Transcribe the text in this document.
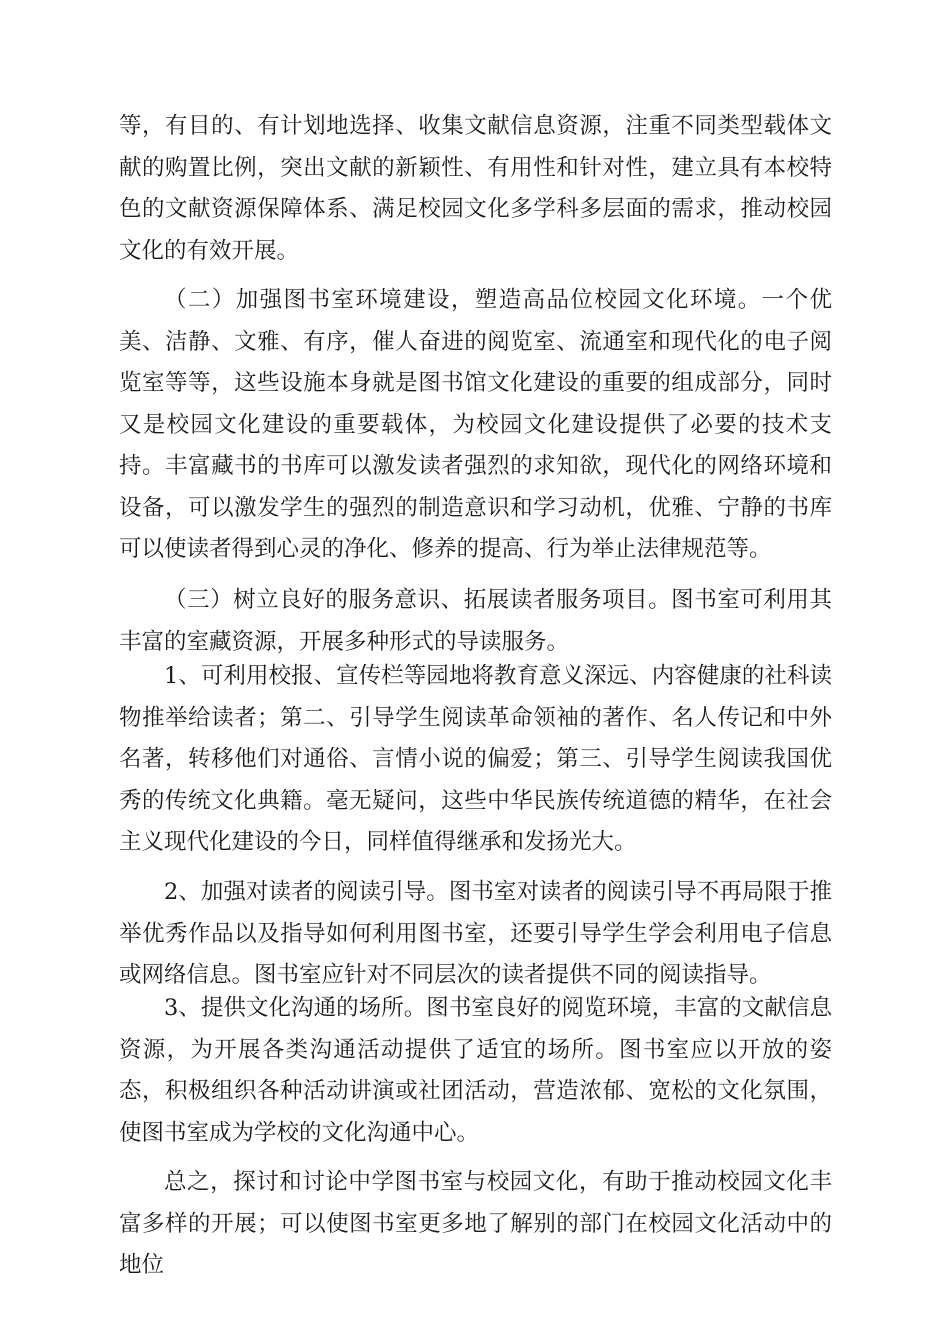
等，有目的、有计划地选择、收集文献信息资源，注重不同类型载体文献的购置比例，突出文献的新颖性、有用性和针对性，建立具有本校特色的文献资源保障体系、满足校园文化多学科多层面的需求，推动校园文化的有效开展。

（二）加强图书室环境建设，塑造高品位校园文化环境。一个优美、洁静、文雅、有序，催人奋进的阅览室、流通室和现代化的电子阅览室等等，这些设施本身就是图书馆文化建设的重要的组成部分，同时又是校园文化建设的重要载体，为校园文化建设提供了必要的技术支持。丰富藏书的书库可以激发读者强烈的求知欲，现代化的网络环境和设备，可以激发学生的强烈的制造意识和学习动机，优雅、宁静的书库可以使读者得到心灵的净化、修养的提高、行为举止法律规范等。

（三）树立良好的服务意识、拓展读者服务项目。图书室可利用其丰富的室藏资源，开展多种形式的导读服务。

1、可利用校报、宣传栏等园地将教育意义深远、内容健康的社科读物推举给读者；第二、引导学生阅读革命领袖的著作、名人传记和中外名著，转移他们对通俗、言情小说的偏爱；第三、引导学生阅读我国优秀的传统文化典籍。毫无疑问，这些中华民族传统道德的精华，在社会主义现代化建设的今日，同样值得继承和发扬光大。

2、加强对读者的阅读引导。图书室对读者的阅读引导不再局限于推举优秀作品以及指导如何利用图书室，还要引导学生学会利用电子信息或网络信息。图书室应针对不同层次的读者提供不同的阅读指导。

3、提供文化沟通的场所。图书室良好的阅览环境，丰富的文献信息资源，为开展各类沟通活动提供了适宜的场所。图书室应以开放的姿态，积极组织各种活动讲演或社团活动，营造浓郁、宽松的文化氛围，使图书室成为学校的文化沟通中心。

总之，探讨和讨论中学图书室与校园文化，有助于推动校园文化丰富多样的开展；可以使图书室更多地了解别的部门在校园文化活动中的地位
